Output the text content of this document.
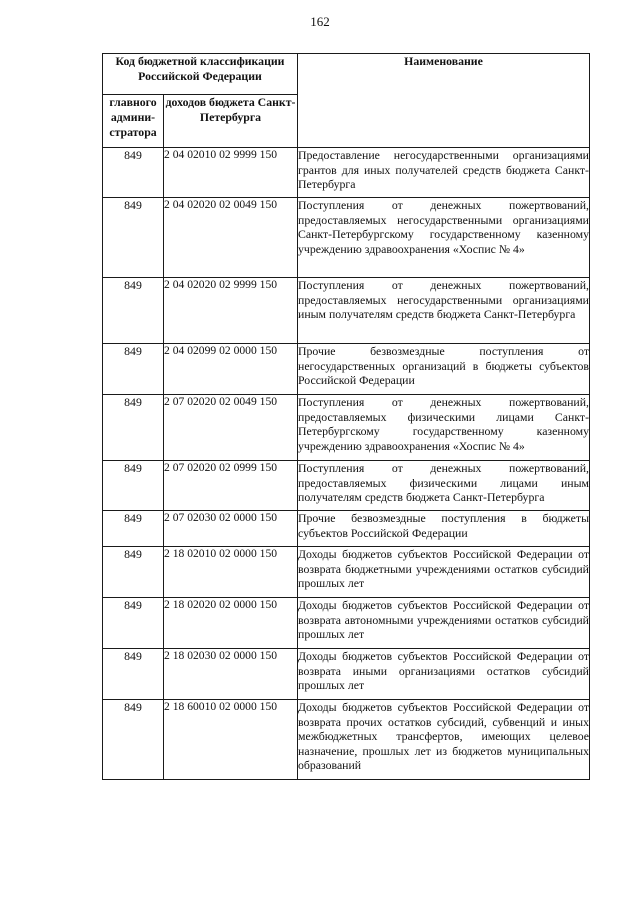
162
Код бюджетной классификации Российской Федерации		Наименование
главного админи-стратора	доходов бюджета Санкт-Петербурга	
849	2 04 02010 02 9999 150	Предоставление негосударственными организациями грантов для иных получателей средств бюджета Санкт-Петербурга
849	2 04 02020 02 0049 150	Поступления от денежных пожертвований, предоставляемых негосударственными организациями Санкт-Петербургскому государственному казенному учреждению здравоохранения «Хоспис № 4»
849	2 04 02020 02 9999 150	Поступления от денежных пожертвований, предоставляемых негосударственными организациями иным получателям средств бюджета Санкт-Петербурга
849	2 04 02099 02 0000 150	Прочие безвозмездные поступления от негосударственных организаций в бюджеты субъектов Российской Федерации
849	2 07 02020 02 0049 150	Поступления от денежных пожертвований, предоставляемых физическими лицами Санкт-Петербургскому государственному казенному учреждению здравоохранения «Хоспис № 4»
849	2 07 02020 02 0999 150	Поступления от денежных пожертвований, предоставляемых физическими лицами иным получателям средств бюджета Санкт-Петербурга
849	2 07 02030 02 0000 150	Прочие безвозмездные поступления в бюджеты субъектов Российской Федерации
849	2 18 02010 02 0000 150	Доходы бюджетов субъектов Российской Федерации от возврата бюджетными учреждениями остатков субсидий прошлых лет
849	2 18 02020 02 0000 150	Доходы бюджетов субъектов Российской Федерации от возврата автономными учреждениями остатков субсидий прошлых лет
849	2 18 02030 02 0000 150	Доходы бюджетов субъектов Российской Федерации от возврата иными организациями остатков субсидий прошлых лет
849	2 18 60010 02 0000 150	Доходы бюджетов субъектов Российской Федерации от возврата прочих остатков субсидий, субвенций и иных межбюджетных трансфертов, имеющих целевое назначение, прошлых лет из бюджетов муниципальных образований
